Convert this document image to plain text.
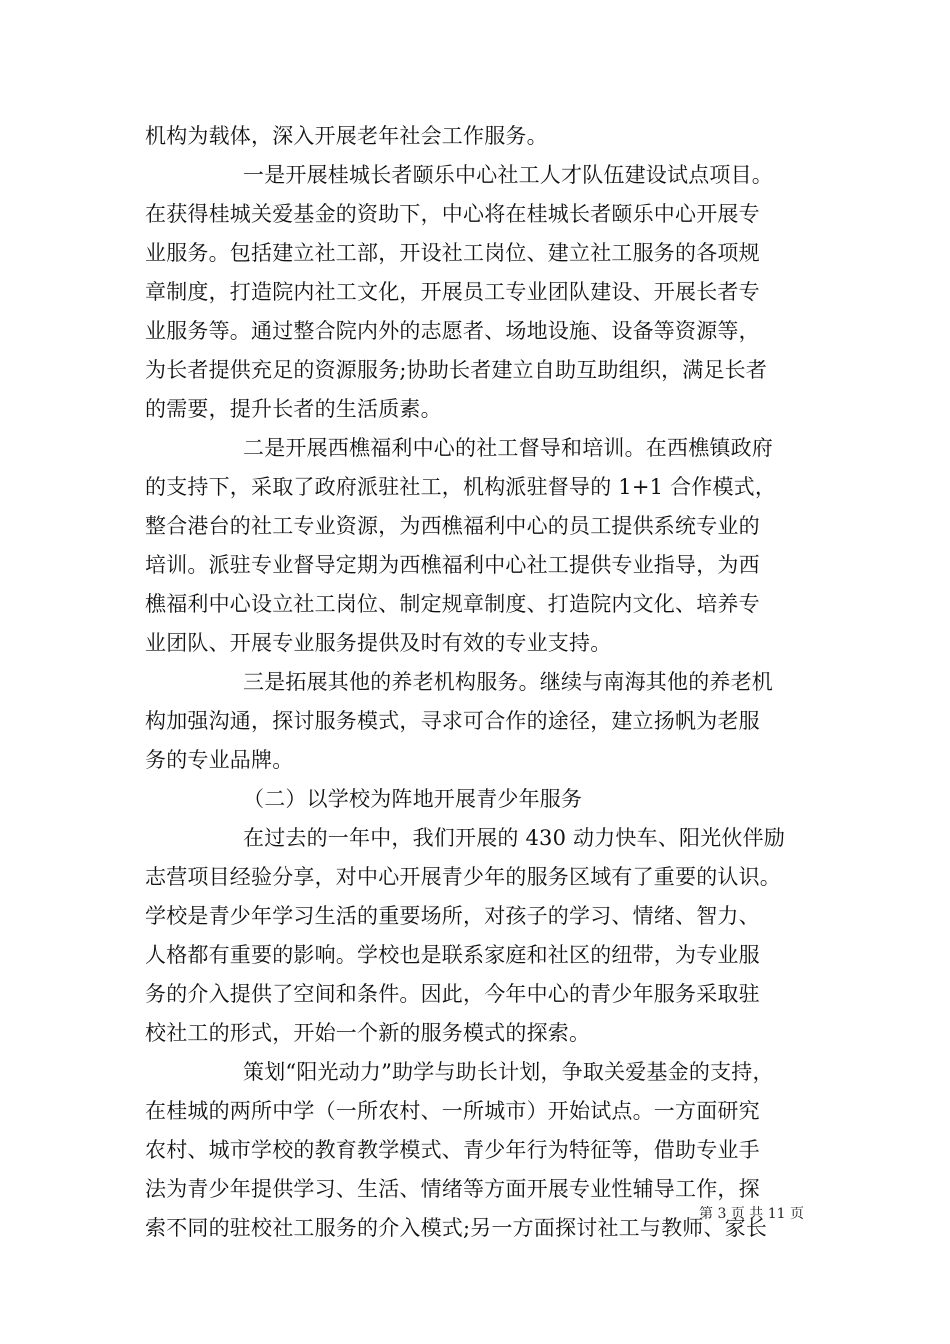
机构为载体，深入开展老年社会工作服务。
一是开展桂城长者颐乐中心社工人才队伍建设试点项目。
在获得桂城关爱基金的资助下，中心将在桂城长者颐乐中心开展专
业服务。包括建立社工部，开设社工岗位、建立社工服务的各项规
章制度，打造院内社工文化，开展员工专业团队建设、开展长者专
业服务等。通过整合院内外的志愿者、场地设施、设备等资源等，
为长者提供充足的资源服务;协助长者建立自助互助组织，满足长者
的需要，提升长者的生活质素。
二是开展西樵福利中心的社工督导和培训。在西樵镇政府
的支持下，采取了政府派驻社工，机构派驻督导的 1+1 合作模式，
整合港台的社工专业资源，为西樵福利中心的员工提供系统专业的
培训。派驻专业督导定期为西樵福利中心社工提供专业指导，为西
樵福利中心设立社工岗位、制定规章制度、打造院内文化、培养专
业团队、开展专业服务提供及时有效的专业支持。
三是拓展其他的养老机构服务。继续与南海其他的养老机
构加强沟通，探讨服务模式，寻求可合作的途径，建立扬帆为老服
务的专业品牌。
（二）以学校为阵地开展青少年服务
在过去的一年中，我们开展的 430 动力快车、阳光伙伴励
志营项目经验分享，对中心开展青少年的服务区域有了重要的认识。
学校是青少年学习生活的重要场所，对孩子的学习、情绪、智力、
人格都有重要的影响。学校也是联系家庭和社区的纽带，为专业服
务的介入提供了空间和条件。因此，今年中心的青少年服务采取驻
校社工的形式，开始一个新的服务模式的探索。
策划“阳光动力”助学与助长计划，争取关爱基金的支持，
在桂城的两所中学（一所农村、一所城市）开始试点。一方面研究
农村、城市学校的教育教学模式、青少年行为特征等，借助专业手
法为青少年提供学习、生活、情绪等方面开展专业性辅导工作，探
索不同的驻校社工服务的介入模式;另一方面探讨社工与教师、家长
第 3 页 共 11 页
